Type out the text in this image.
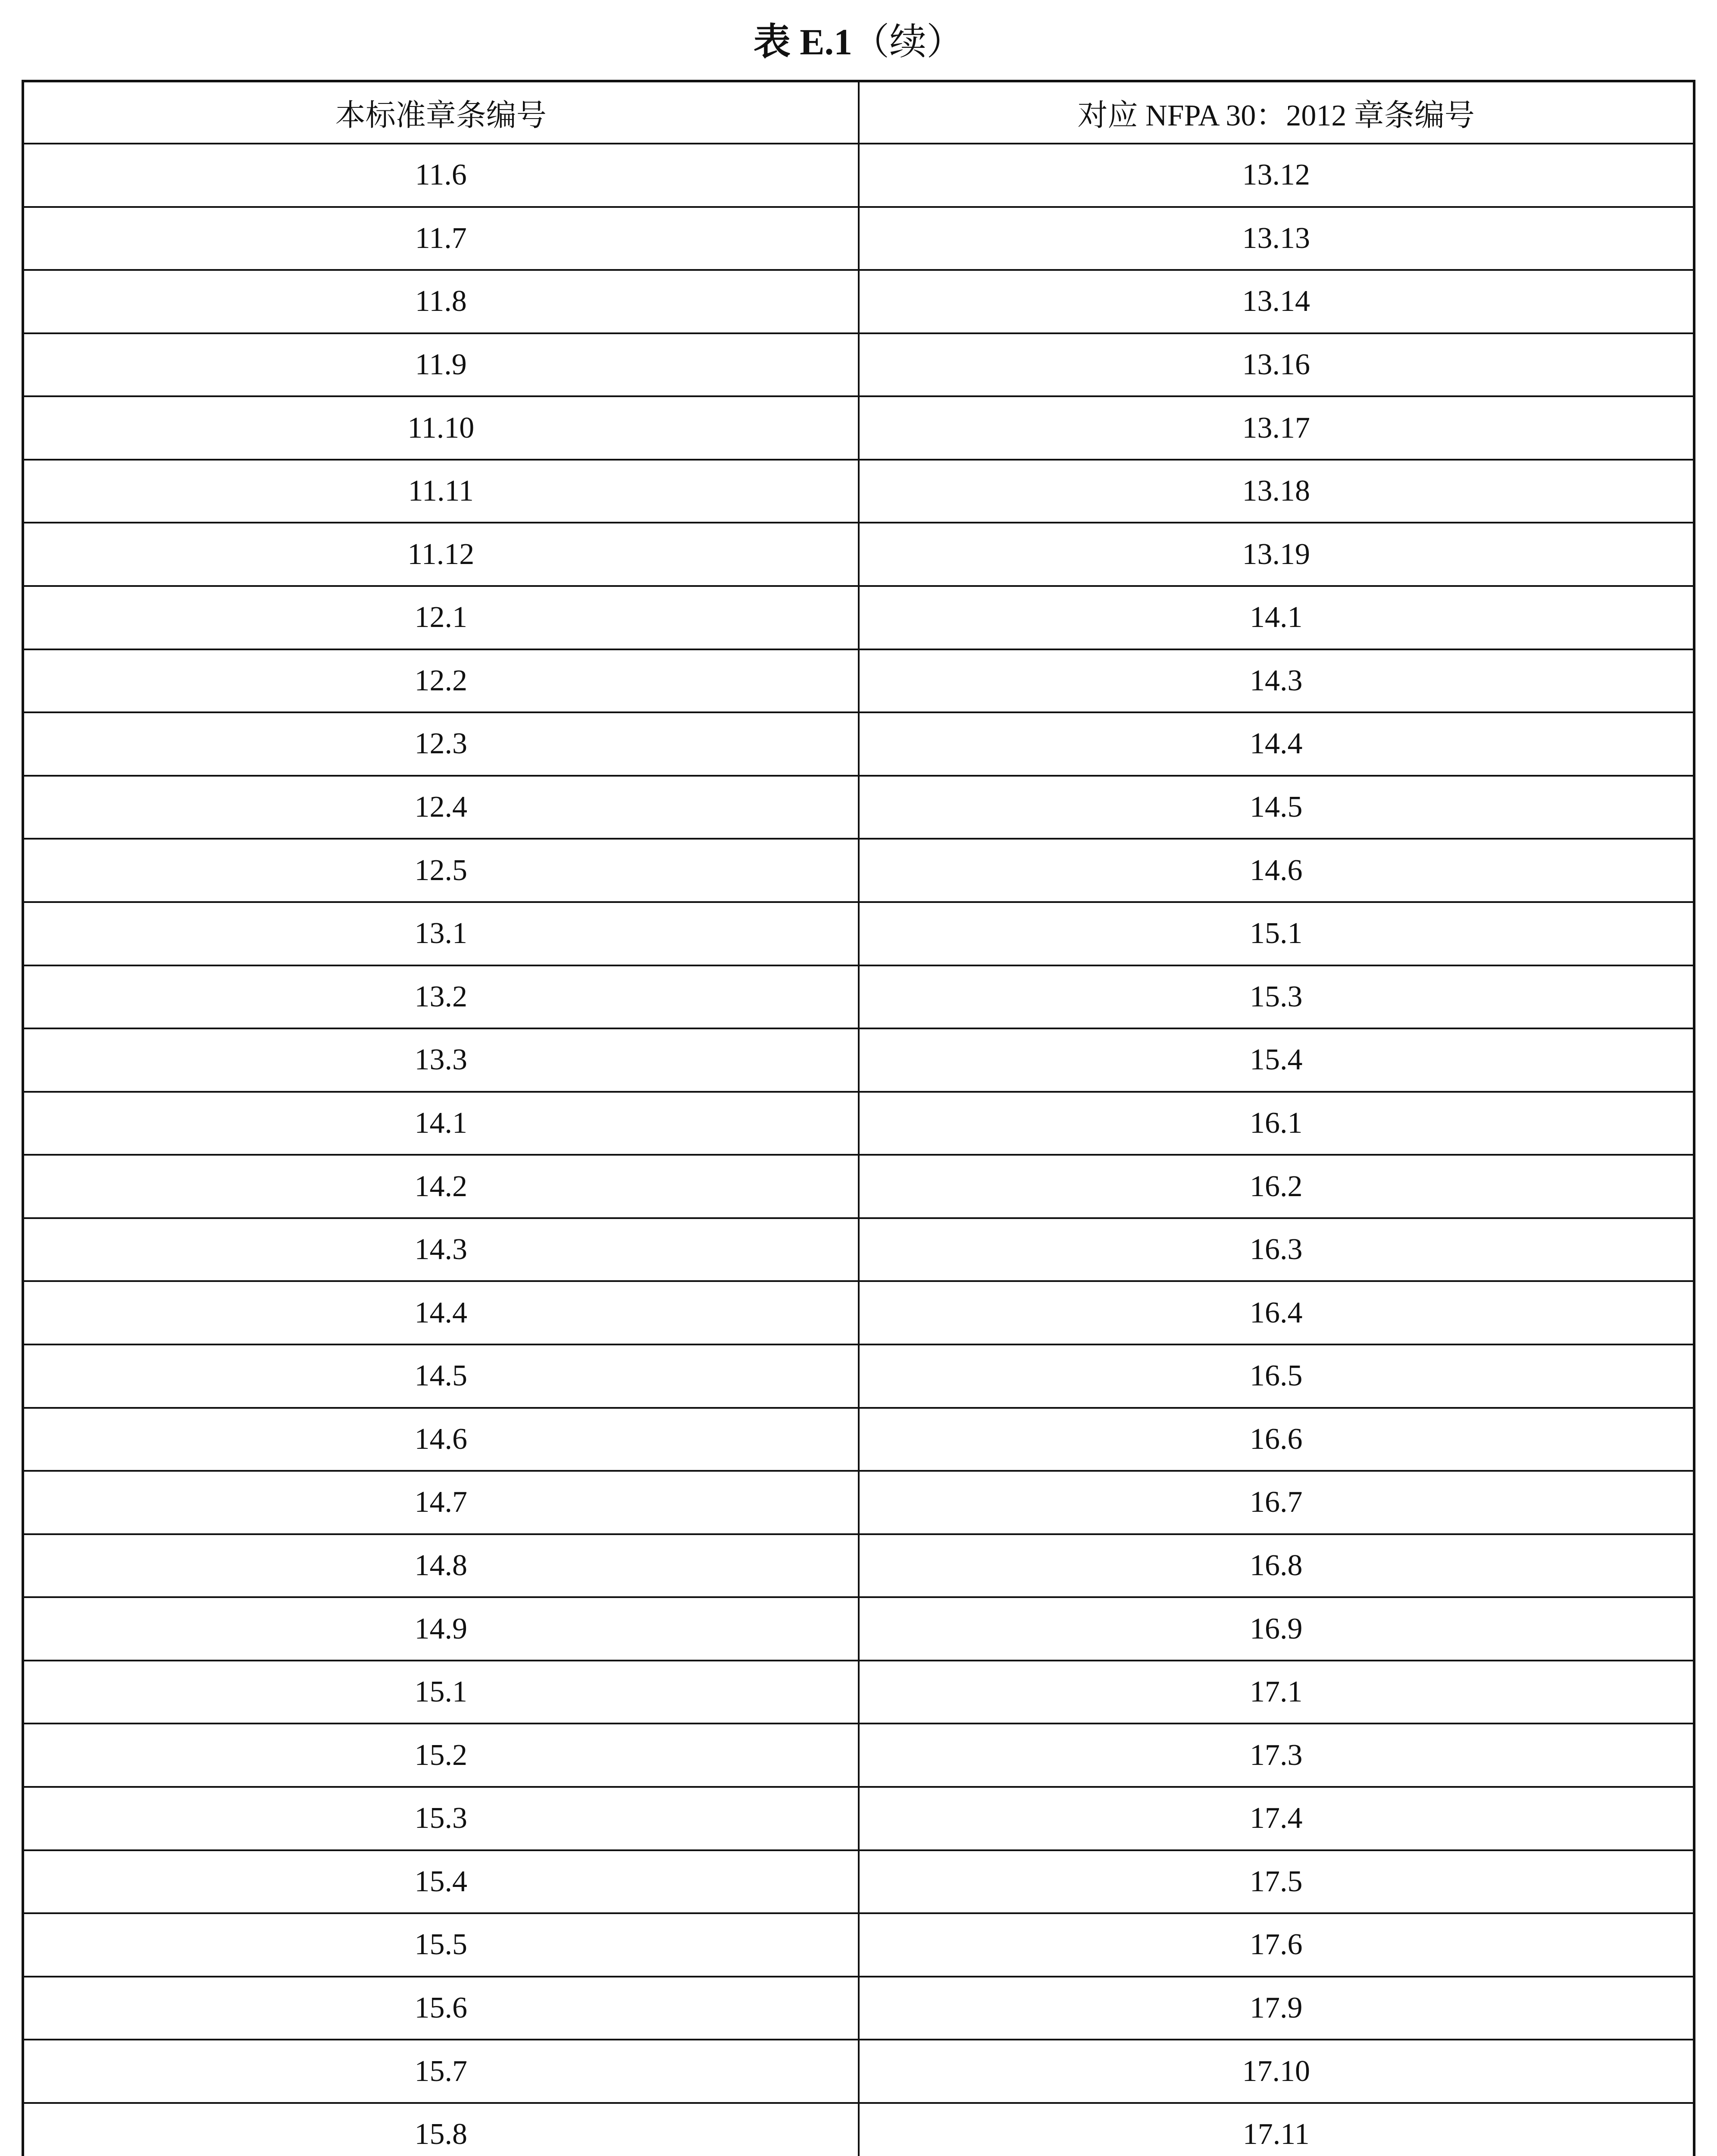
表 E.1（续）
本标准章条编号	对应 NFPA 30：2012 章条编号
11.6	13.12
11.7	13.13
11.8	13.14
11.9	13.16
11.10	13.17
11.11	13.18
11.12	13.19
12.1	14.1
12.2	14.3
12.3	14.4
12.4	14.5
12.5	14.6
13.1	15.1
13.2	15.3
13.3	15.4
14.1	16.1
14.2	16.2
14.3	16.3
14.4	16.4
14.5	16.5
14.6	16.6
14.7	16.7
14.8	16.8
14.9	16.9
15.1	17.1
15.2	17.3
15.3	17.4
15.4	17.5
15.5	17.6
15.6	17.9
15.7	17.10
15.8	17.11
